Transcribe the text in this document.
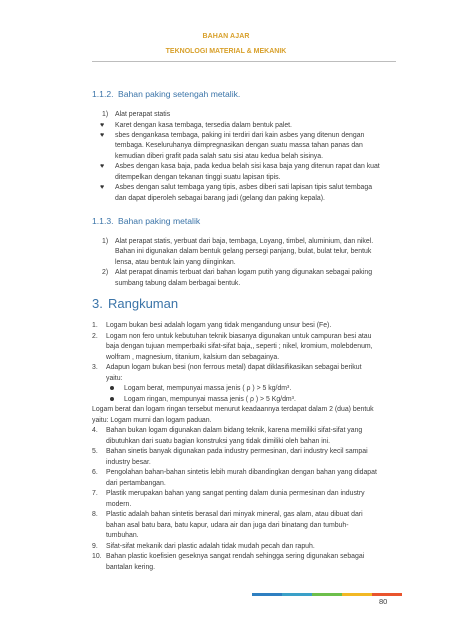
BAHAN AJAR
TEKNOLOGI MATERIAL & MEKANIK
1.1.2. Bahan paking setengah metalik.
1) Alat perapat statis
♥ Karet dengan kasa tembaga, tersedia dalam bentuk palet.
♥ sbes dengankasa tembaga, paking ini terdiri dari kain asbes yang ditenun dengan
tembaga. Keseluruhanya diimpregnasikan dengan suatu massa tahan panas dan
kemudian diberi grafit pada salah satu sisi atau kedua belah sisinya.
♥ Asbes dengan kasa baja, pada kedua belah sisi kasa baja yang ditenun rapat dan kuat
ditempelkan dengan tekanan tinggi suatu lapisan tipis.
♥ Asbes dengan salut tembaga yang tipis, asbes diberi sati lapisan tipis salut tembaga
dan dapat diperoleh sebagai barang jadi (gelang dan paking kepala).
1.1.3. Bahan paking metalik
1) Alat perapat statis, yerbuat dari baja, tembaga, Loyang, timbel, aluminium, dan nikel.
Bahan ini digunakan dalam bentuk gelang persegi panjang, bulat, bulat telur, bentuk
lensa, atau bentuk lain yang diinginkan.
2) Alat perapat dinamis terbuat dari bahan logam putih yang digunakan sebagai paking
sumbang tabung dalam berbagai bentuk.
3. Rangkuman
1. Logam bukan besi adalah logam yang tidak mengandung unsur besi (Fe).
2. Logam non fero untuk kebutuhan teknik biasanya digunakan untuk campuran besi atau
baja dengan tujuan memperbaiki sifat-sifat baja,, seperti ; nikel, kromium, molebdenum,
wolfram , magnesium, titanium, kalsium dan sebagainya.
3. Adapun logam bukan besi (non ferrous metal) dapat diklasifikasikan sebagai berikut
yaitu:
Logam berat, mempunyai massa jenis ( ρ ) > 5 kg/dm³.
Logam ringan, mempunyai massa jenis ( ρ ) > 5 Kg/dm³.
Logam berat dan logam ringan tersebut menurut keadaannya terdapat dalam 2 (dua) bentuk
yaitu: Logam murni dan logam paduan.
4. Bahan bukan logam digunakan dalam bidang teknik, karena memiliki sifat-sifat yang
dibutuhkan dari suatu bagian konstruksi yang tidak dimiliki oleh bahan ini.
5. Bahan sinetis banyak digunakan pada industry permesinan, dari industry kecil sampai
industry besar.
6. Pengolahan bahan-bahan sintetis lebih murah dibandingkan dengan bahan yang didapat
dari pertambangan.
7. Plastik merupakan bahan yang sangat penting dalam dunia permesinan dan industry
modern.
8. Plastic adalah bahan sintetis berasal dari minyak mineral, gas alam, atau dibuat dari
bahan asal batu bara, batu kapur, udara air dan juga dari binatang dan tumbuh-
tumbuhan.
9. Sifat-sifat mekanik dari plastic adalah tidak mudah pecah dan rapuh.
10. Bahan plastic koefisien geseknya sangat rendah sehingga sering digunakan sebagai
bantalan kering.
80
